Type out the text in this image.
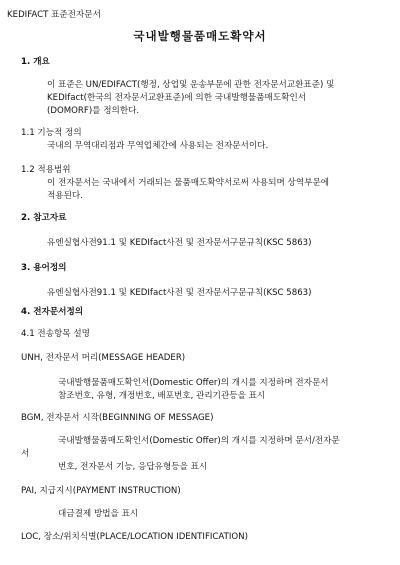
KEDIFACT 표준전자문서

국내발행물품매도확약서

1. 개요

이 표준은 UN/EDIFACT(행정, 상업및 운송부문에 관한 전자문서교환표준) 및

KEDIfact(한국의 전자문서교환표준)에 의한 국내발행물품매도확인서

(DOMORF)를 정의한다.

1.1 기능적 정의

국내의 무역대리점과 무역업체간에 사용되는 전자문서이다.

1.2 적용범위

이 전자문서는 국내에서 거래되는 물품매도확약서로써 사용되며 상역부문에

적용된다.

2. 참고자료

유엔실협사전91.1 및 KEDIfact사전 및 전자문서구문규칙(KSC 5863)

3. 용어정의

유엔실협사전91.1 및 KEDIfact사전 및 전자문서구문규칙(KSC 5863)

4. 전자문서정의

4.1 전송항목 설명

UNH, 전자문서 머리(MESSAGE HEADER)

국내발행물품매도확인서(Domestic Offer)의 개시를 지정하며 전자문서

참조번호, 유형, 개정번호, 배포번호, 관리기관등을 표시

BGM, 전자문서 시작(BEGINNING OF MESSAGE)

국내발행물품매도확인서(Domestic Offer)의 개시를 지정하며 문서/전자문

서

번호, 전자문서 기능, 응답유형등을 표시

PAI, 지급지시(PAYMENT INSTRUCTION)

대금결제 방법을 표시

LOC, 장소/위치식별(PLACE/LOCATION IDENTIFICATION)
